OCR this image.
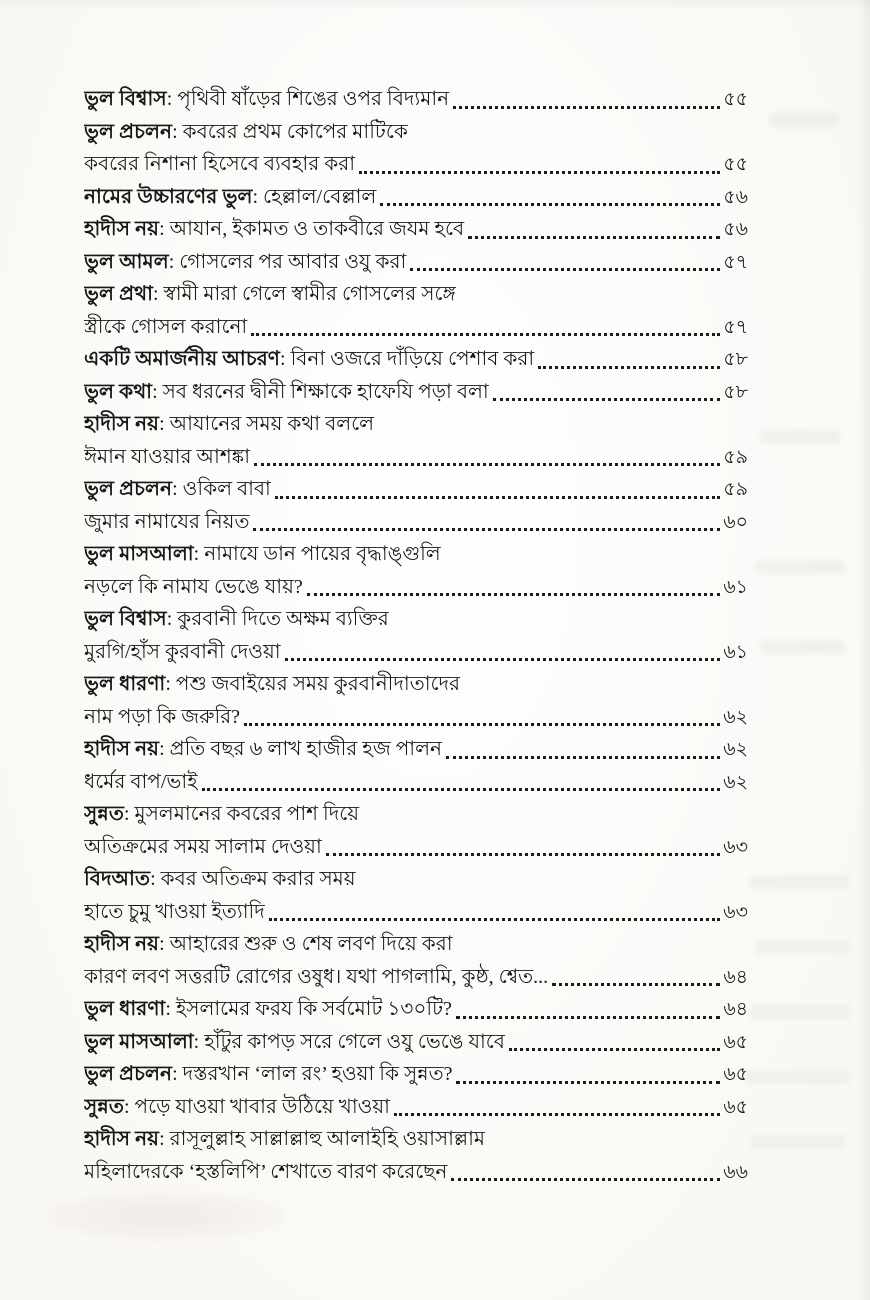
ভুল বিশ্বাস : পৃথিবী ষাঁড়ের শিঙের ওপর বিদ্যমান	৫৫
ভুল প্রচলন : কবরের প্রথম কোপের মাটিকে
কবরের নিশানা হিসেবে ব্যবহার করা	৫৫
নামের উচ্চারণের ভুল : হেল্লাল/বেল্লাল	৫৬
হাদীস নয় : আযান, ইকামত ও তাকবীরে জযম হবে	৫৬
ভুল আমল : গোসলের পর আবার ওযু করা	৫৭
ভুল প্রথা : স্বামী মারা গেলে স্বামীর গোসলের সঙ্গে
স্ত্রীকে গোসল করানো	৫৭
একটি অমার্জনীয় আচরণ : বিনা ওজরে দাঁড়িয়ে পেশাব করা	৫৮
ভুল কথা : সব ধরনের দ্বীনী শিক্ষাকে হাফেযি পড়া বলা	৫৮
হাদীস নয় : আযানের সময় কথা বললে
ঈমান যাওয়ার আশঙ্কা	৫৯
ভুল প্রচলন : ওকিল বাবা	৫৯
জুমার নামাযের নিয়ত	৬০
ভুল মাসআলা : নামাযে ডান পায়ের বৃদ্ধাঙ্গুলি
নড়লে কি নামায ভেঙে যায়?	৬১
ভুল বিশ্বাস : কুরবানী দিতে অক্ষম ব্যক্তির
মুরগি/হাঁস কুরবানী দেওয়া	৬১
ভুল ধারণা : পশু জবাইয়ের সময় কুরবানীদাতাদের
নাম পড়া কি জরুরি?	৬২
হাদীস নয় : প্রতি বছর ৬ লাখ হাজীর হজ পালন	৬২
ধর্মের বাপ/ভাই	৬২
সুন্নত : মুসলমানের কবরের পাশ দিয়ে
অতিক্রমের সময় সালাম দেওয়া	৬৩
বিদআত : কবর অতিক্রম করার সময়
হাতে চুমু খাওয়া ইত্যাদি	৬৩
হাদীস নয় : আহারের শুরু ও শেষ লবণ দিয়ে করা
কারণ লবণ সত্তরটি রোগের ওষুধ। যথা পাগলামি, কুষ্ঠ, শ্বেত...	৬৪
ভুল ধারণা : ইসলামের ফরয কি সর্বমোট ১৩০টি?	৬৪
ভুল মাসআলা : হাঁটুর কাপড় সরে গেলে ওযু ভেঙে যাবে	৬৫
ভুল প্রচলন : দস্তরখান ‘লাল রং’ হওয়া কি সুন্নত?	৬৫
সুন্নত : পড়ে যাওয়া খাবার উঠিয়ে খাওয়া	৬৫
হাদীস নয় : রাসূলুল্লাহ সাল্লাল্লাহু আলাইহি ওয়াসাল্লাম
মহিলাদেরকে ‘হস্তলিপি’ শেখাতে বারণ করেছেন	৬৬
